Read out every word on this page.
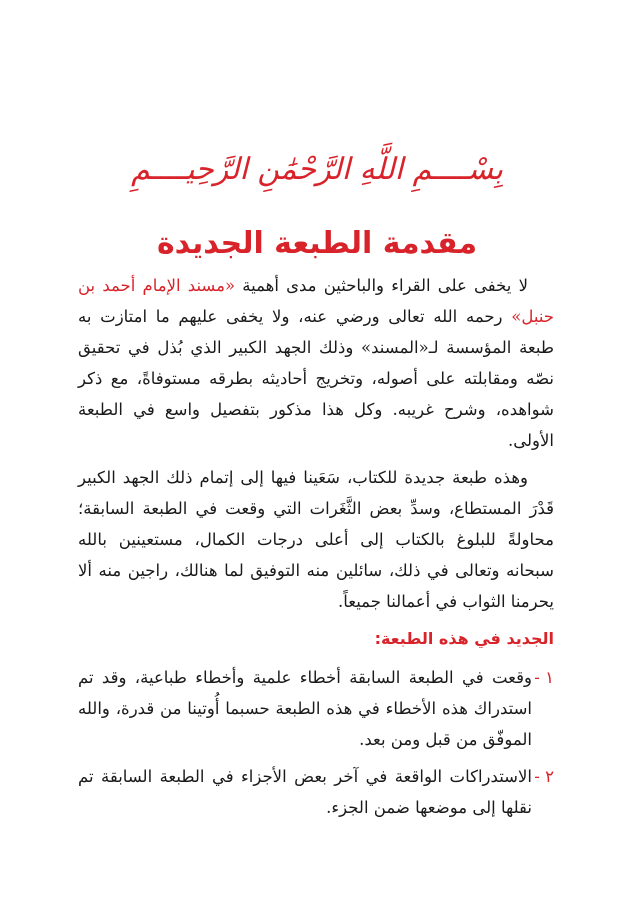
بِسْــــمِ اللَّهِ الرَّحْمَٰنِ الرَّحِيــــمِ
مقدمة الطبعة الجديدة

لا يخفى على القراء والباحثين مدى أهمية «مسند الإمام أحمد بن حنبل» رحمه الله تعالى ورضي عنه، ولا يخفى عليهم ما امتازت به طبعة المؤسسة لـ«المسند» وذلك الجهد الكبير الذي بُذل في تحقيق نصّه ومقابلته على أصوله، وتخريج أحاديثه بطرقه مستوفاةً، مع ذكر شواهده، وشرح غريبه. وكل هذا مذكور بتفصيل واسع في الطبعة الأولى.

وهذه طبعة جديدة للكتاب، سَعَينا فيها إلى إتمام ذلك الجهد الكبير قَدْرَ المستطاع، وسدِّ بعض الثَّغَرات التي وقعت في الطبعة السابقة؛ محاولةً للبلوغ بالكتاب إلى أعلى درجات الكمال، مستعينين بالله سبحانه وتعالى في ذلك، سائلين منه التوفيق لما هنالك، راجين منه ألا يحرمنا الثواب في أعمالنا جميعاً.

الجديد في هذه الطبعة:
١ -
وقعت في الطبعة السابقة أخطاء علمية وأخطاء طباعية، وقد تم استدراك هذه الأخطاء في هذه الطبعة حسبما أُوتينا من قدرة، والله الموفّق من قبل ومن بعد.
٢ -
الاستدراكات الواقعة في آخر بعض الأجزاء في الطبعة السابقة تم نقلها إلى موضعها ضمن الجزء.
